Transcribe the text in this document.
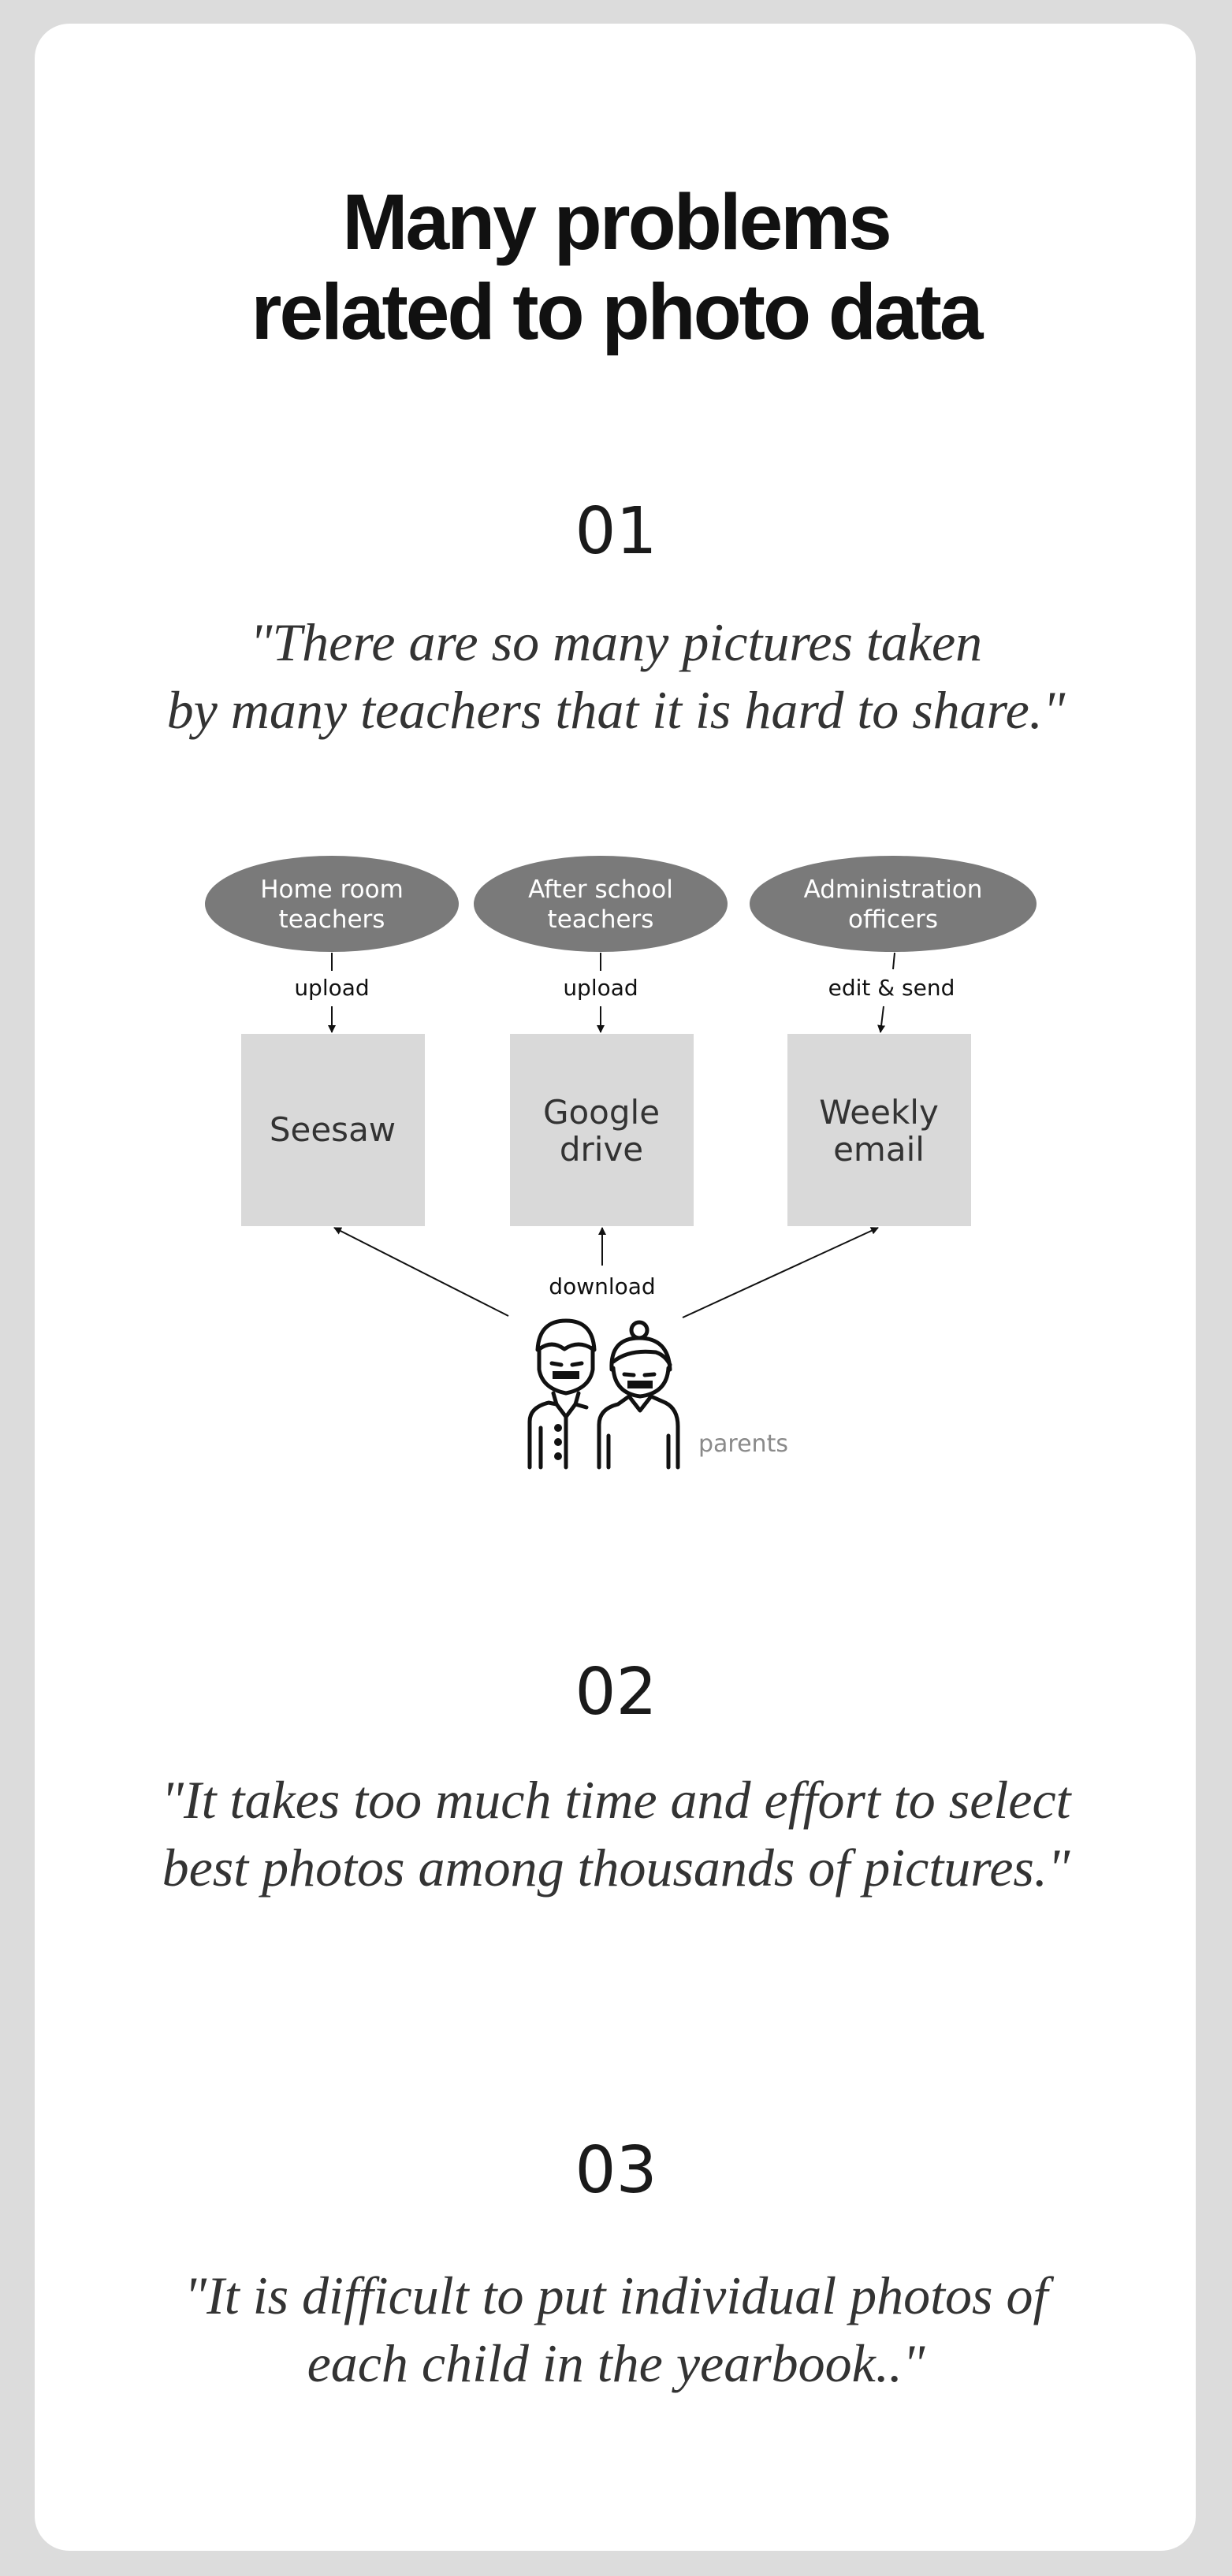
Many problems
related to photo data
01
"There are so many pictures taken
by many teachers that it is hard to share."
Home room
teachers
After school
teachers
Administration
officers
upload	upload	edit & send
Seesaw	Google
drive
Weekly
email
download
parents
02
"It takes too much time and effort to select
best photos among thousands of pictures."
03
"It is difficult to put individual photos of
each child in the yearbook.."
